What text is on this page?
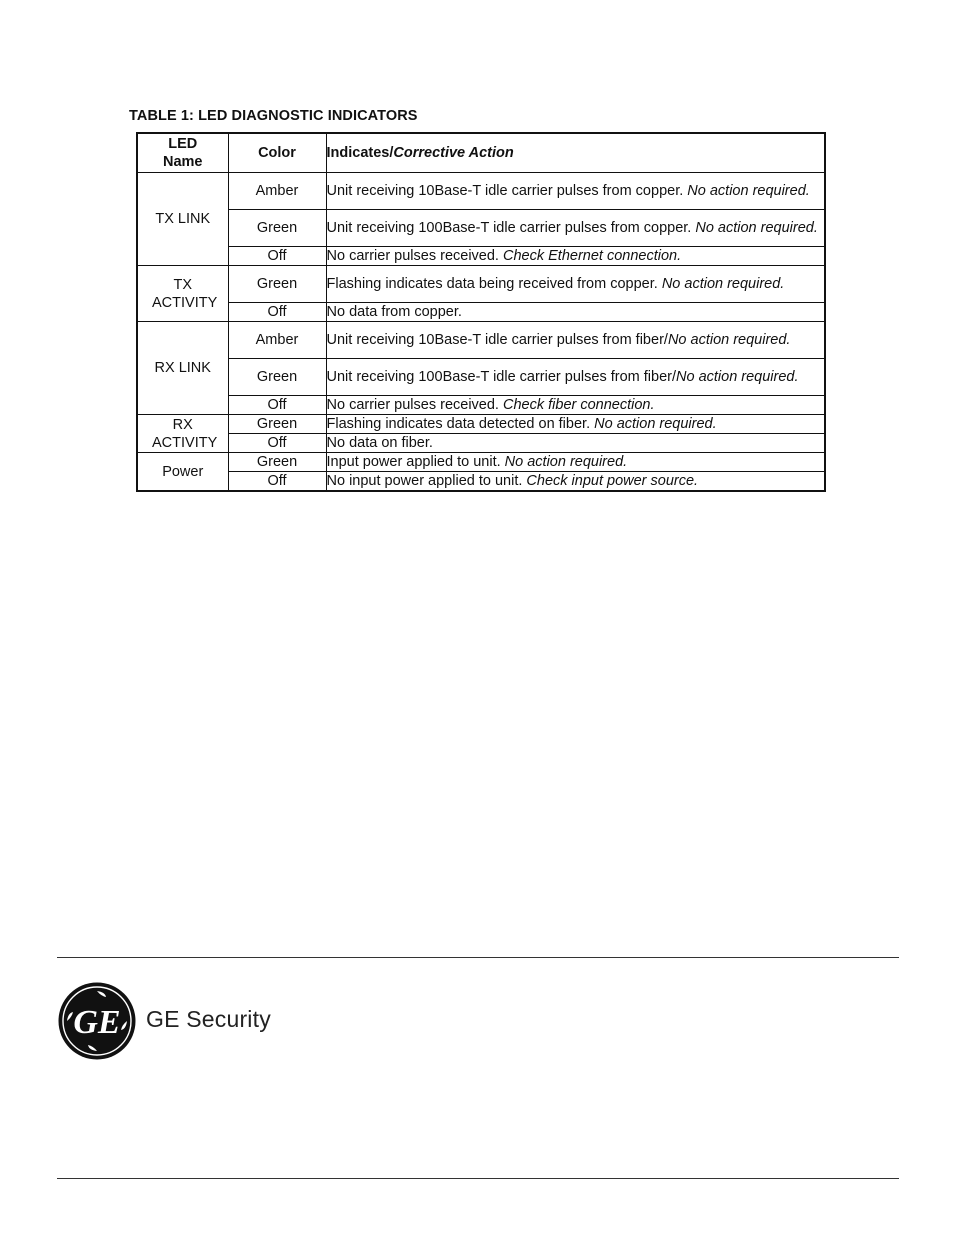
TABLE 1: LED DIAGNOSTIC INDICATORS
LED Name	Color	Indicates/Corrective Action
TX LINK	Amber	Unit receiving 10Base-T idle carrier pulses from copper. No action required.
	Green	Unit receiving 100Base-T idle carrier pulses from copper. No action required.
	Off	No carrier pulses received. Check Ethernet connection.
TX ACTIVITY	Green	Flashing indicates data being received from copper. No action required.
	Off	No data from copper.
RX LINK	Amber	Unit receiving 10Base-T idle carrier pulses from fiber/No action required.
	Green	Unit receiving 100Base-T idle carrier pulses from fiber/No action required.
	Off	No carrier pulses received. Check fiber connection.
RX ACTIVITY	Green	Flashing indicates data detected on fiber. No action required.
	Off	No data on fiber.
Power	Green	Input power applied to unit. No action required.
	Off	No input power applied to unit. Check input power source.
GE GE Security
